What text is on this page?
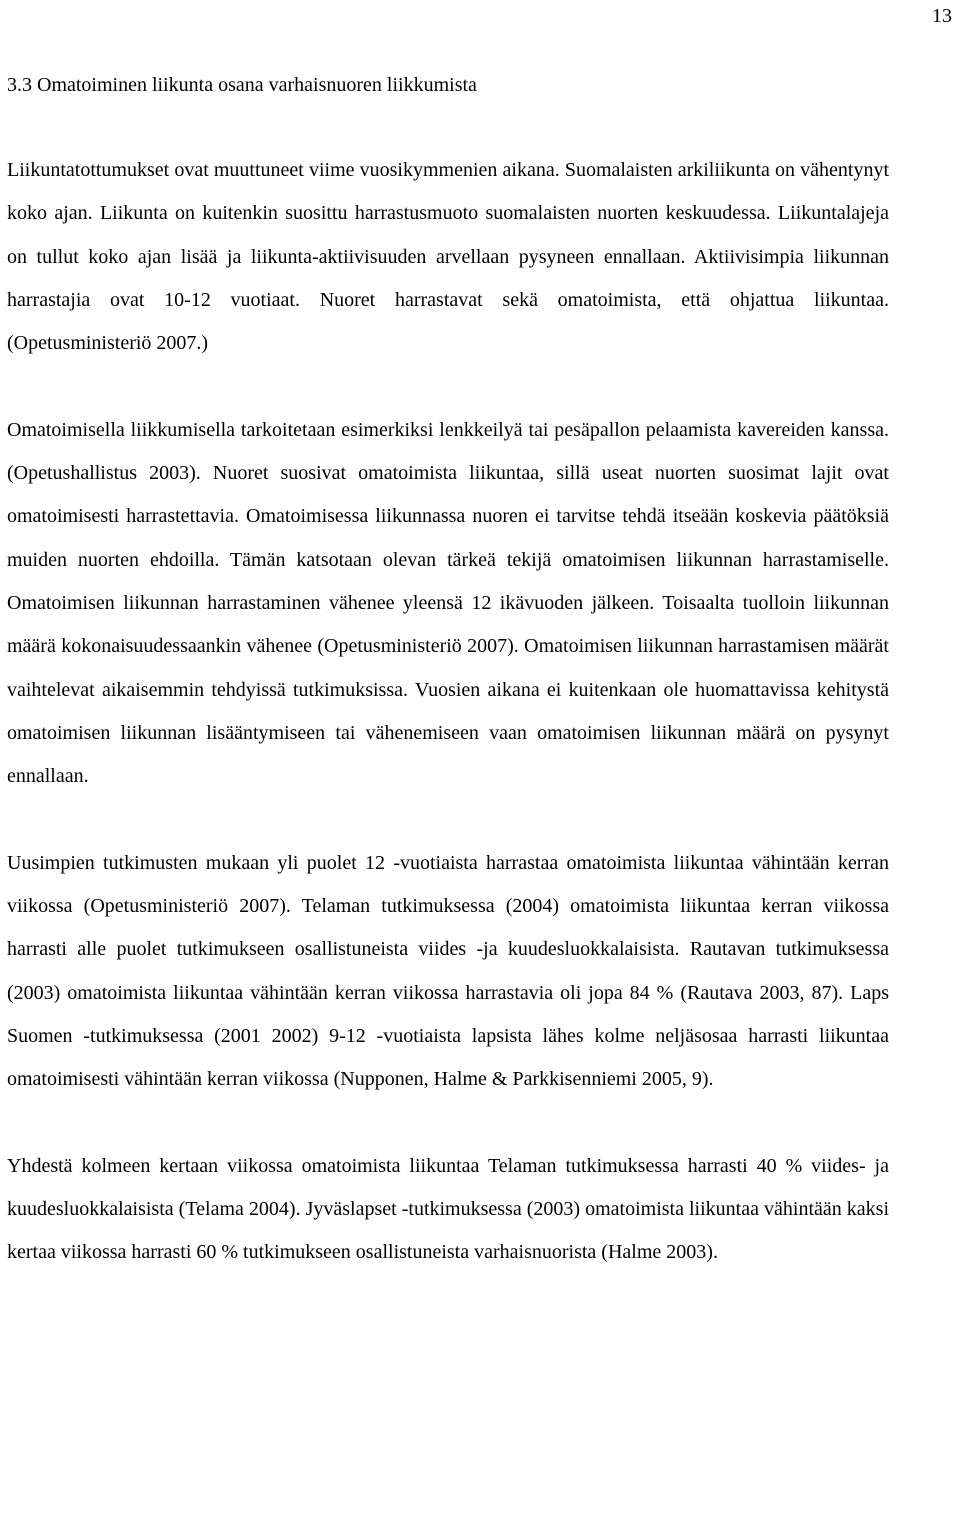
13
3.3 Omatoiminen liikunta osana varhaisnuoren liikkumista

Liikuntatottumukset ovat muuttuneet viime vuosikymmenien aikana. Suomalaisten arkiliikunta on vähentynyt koko ajan. Liikunta on kuitenkin suosittu harrastusmuoto suomalaisten nuorten keskuudessa. Liikuntalajeja on tullut koko ajan lisää ja liikunta-aktiivisuuden arvellaan pysyneen ennallaan. Aktiivisimpia liikunnan harrastajia ovat 10-12 vuotiaat. Nuoret harrastavat sekä omatoimista, että ohjattua liikuntaa. (Opetusministeriö 2007.)

Omatoimisella liikkumisella tarkoitetaan esimerkiksi lenkkeilyä tai pesäpallon pelaamista kavereiden kanssa. (Opetushallistus 2003). Nuoret suosivat omatoimista liikuntaa, sillä useat nuorten suosimat lajit ovat omatoimisesti harrastettavia. Omatoimisessa liikunnassa nuoren ei tarvitse tehdä itseään koskevia päätöksiä muiden nuorten ehdoilla. Tämän katsotaan olevan tärkeä tekijä omatoimisen liikunnan harrastamiselle. Omatoimisen liikunnan harrastaminen vähenee yleensä 12 ikävuoden jälkeen. Toisaalta tuolloin liikunnan määrä kokonaisuudessaankin vähenee (Opetusministeriö 2007). Omatoimisen liikunnan harrastamisen määrät vaihtelevat aikaisemmin tehdyissä tutkimuksissa. Vuosien aikana ei kuitenkaan ole huomattavissa kehitystä omatoimisen liikunnan lisääntymiseen tai vähenemiseen vaan omatoimisen liikunnan määrä on pysynyt ennallaan.

Uusimpien tutkimusten mukaan yli puolet 12 -vuotiaista harrastaa omatoimista liikuntaa vähintään kerran viikossa (Opetusministeriö 2007). Telaman tutkimuksessa (2004) omatoimista liikuntaa kerran viikossa harrasti alle puolet tutkimukseen osallistuneista viides -ja kuudesluokkalaisista. Rautavan tutkimuksessa (2003) omatoimista liikuntaa vähintään kerran viikossa harrastavia oli jopa 84 % (Rautava 2003, 87). Laps Suomen -tutkimuksessa (2001 2002) 9-12 -vuotiaista lapsista lähes kolme neljäsosaa harrasti liikuntaa omatoimisesti vähintään kerran viikossa (Nupponen, Halme & Parkkisenniemi 2005, 9).

Yhdestä kolmeen kertaan viikossa omatoimista liikuntaa Telaman tutkimuksessa harrasti 40 % viides- ja kuudesluokkalaisista (Telama 2004). Jyväslapset -tutkimuksessa (2003) omatoimista liikuntaa vähintään kaksi kertaa viikossa harrasti 60 % tutkimukseen osallistuneista varhaisnuorista (Halme 2003).
